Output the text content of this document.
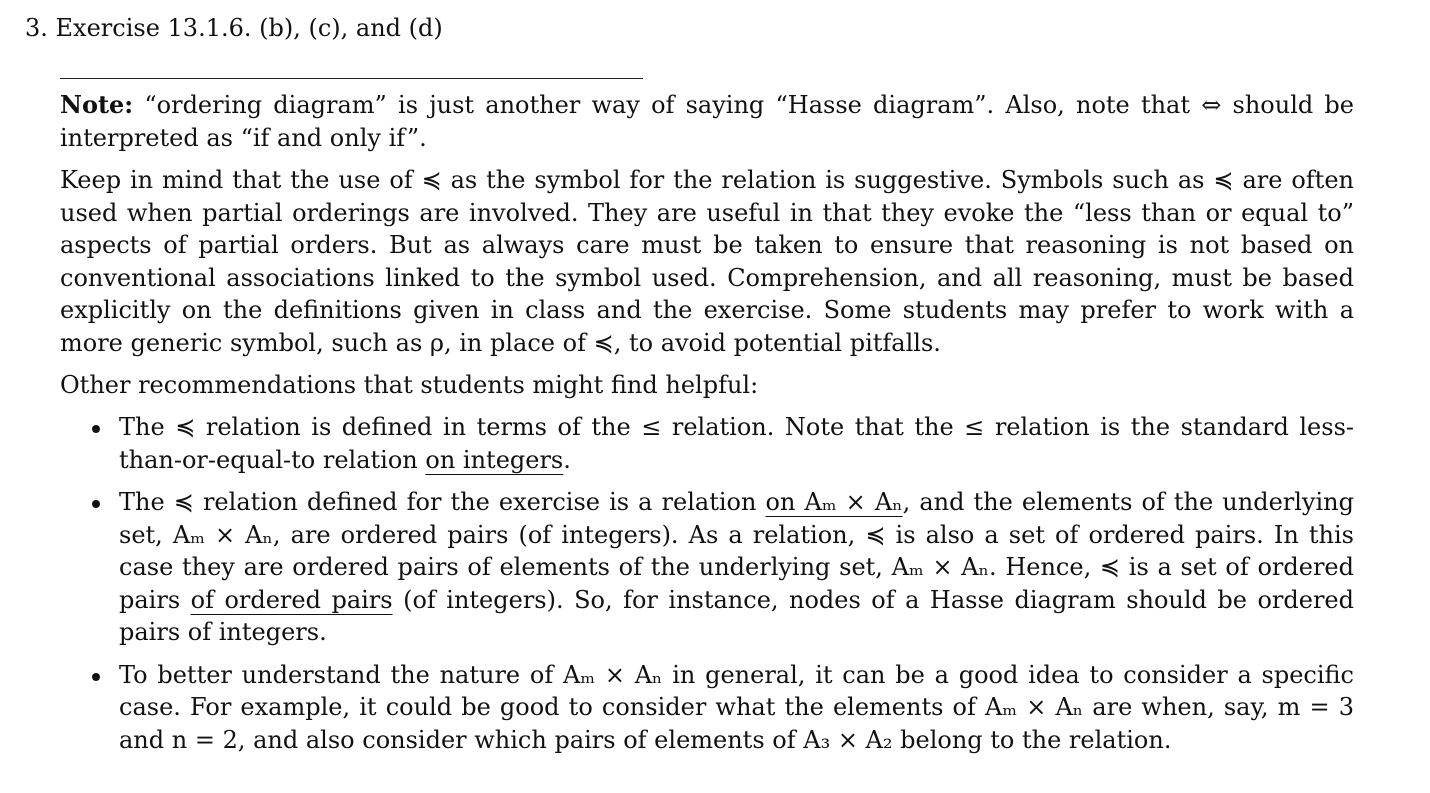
3. Exercise 13.1.6. (b), (c), and (d)
Note: “ordering diagram” is just another way of saying “Hasse diagram”. Also, note that ⇔ should be interpreted as “if and only if”.
Keep in mind that the use of ≼ as the symbol for the relation is suggestive. Symbols such as ≼ are often used when partial orderings are involved. They are useful in that they evoke the “less than or equal to” aspects of partial orders. But as always care must be taken to ensure that reasoning is not based on conventional associations linked to the symbol used. Comprehension, and all reasoning, must be based explicitly on the definitions given in class and the exercise. Some students may prefer to work with a more generic symbol, such as ρ, in place of ≼, to avoid potential pitfalls.
Other recommendations that students might find helpful:
The ≼ relation is defined in terms of the ≤ relation. Note that the ≤ relation is the standard less-than-or-equal-to relation on integers.
The ≼ relation defined for the exercise is a relation on Aₘ × Aₙ, and the elements of the underlying set, Aₘ × Aₙ, are ordered pairs (of integers). As a relation, ≼ is also a set of ordered pairs. In this case they are ordered pairs of elements of the underlying set, Aₘ × Aₙ. Hence, ≼ is a set of ordered pairs of ordered pairs (of integers). So, for instance, nodes of a Hasse diagram should be ordered pairs of integers.
To better understand the nature of Aₘ × Aₙ in general, it can be a good idea to consider a specific case. For example, it could be good to consider what the elements of Aₘ × Aₙ are when, say, m = 3 and n = 2, and also consider which pairs of elements of A₃ × A₂ belong to the relation.
